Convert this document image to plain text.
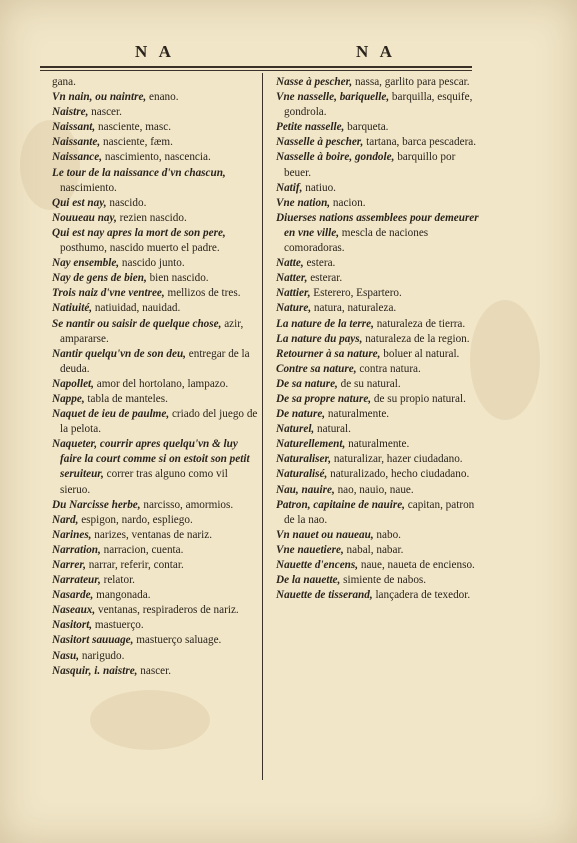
N A	N A

gana.

Vn nain, ou naintre, enano.

Naistre, nascer.

Naissant, nasciente, masc.

Naissante, nasciente, fæm.

Naissance, nascimiento, nascencia.

Le tour de la naissance d'vn chascun, nascimiento.

Qui est nay, nascido.

Nouueau nay, rezien nascido.

Qui est nay apres la mort de son pere, posthumo, nascido muerto el padre.

Nay ensemble, nascido junto.

Nay de gens de bien, bien nascido.

Trois naiz d'vne ventree, mellizos de tres.

Natiuité, natiuidad, nauidad.

Se nantir ou saisir de quelque chose, azir, ampararse.

Nantir quelqu'vn de son deu, entregar de la deuda.

Napollet, amor del hortolano, lampazo.

Nappe, tabla de manteles.

Naquet de ieu de paulme, criado del juego de la pelota.

Naqueter, courrir apres quelqu'vn & luy faire la court comme si on estoit son petit seruiteur, correr tras alguno como vil sieruo.

Du Narcisse herbe, narcisso, amormios.

Nard, espigon, nardo, espliego.

Narines, narizes, ventanas de nariz.

Narration, narracion, cuenta.

Narrer, narrar, referir, contar.

Narrateur, relator.

Nasarde, mangonada.

Naseaux, ventanas, respiraderos de nariz.

Nasitort, mastuerço.

Nasitort sauuage, mastuerço saluage.

Nasu, narigudo.

Nasquir, i. naistre, nascer.

Nasse à pescher, nassa, garlito para pescar.

Vne nasselle, bariquelle, barquilla, esquife, gondrola.

Petite nasselle, barqueta.

Nasselle à pescher, tartana, barca pescadera.

Nasselle à boire, gondole, barquillo por beuer.

Natif, natiuo.

Vne nation, nacion.

Diuerses nations assemblees pour demeurer en vne ville, mescla de naciones comoradoras.

Natte, estera.

Natter, esterar.

Nattier, Esterero, Espartero.

Nature, natura, naturaleza.

La nature de la terre, naturaleza de tierra.

La nature du pays, naturaleza de la region.

Retourner à sa nature, boluer al natural.

Contre sa nature, contra natura.

De sa nature, de su natural.

De sa propre nature, de su propio natural.

De nature, naturalmente.

Naturel, natural.

Naturellement, naturalmente.

Naturaliser, naturalizar, hazer ciudadano.

Naturalisé, naturalizado, hecho ciudadano.

Nau, nauire, nao, nauio, naue.

Patron, capitaine de nauire, capitan, patron de la nao.

Vn nauet ou naueau, nabo.

Vne nauetiere, nabal, nabar.

Nauette d'encens, naue, naueta de encienso.

De la nauette, simiente de nabos.

Nauette de tisserand, lançadera de texedor.
